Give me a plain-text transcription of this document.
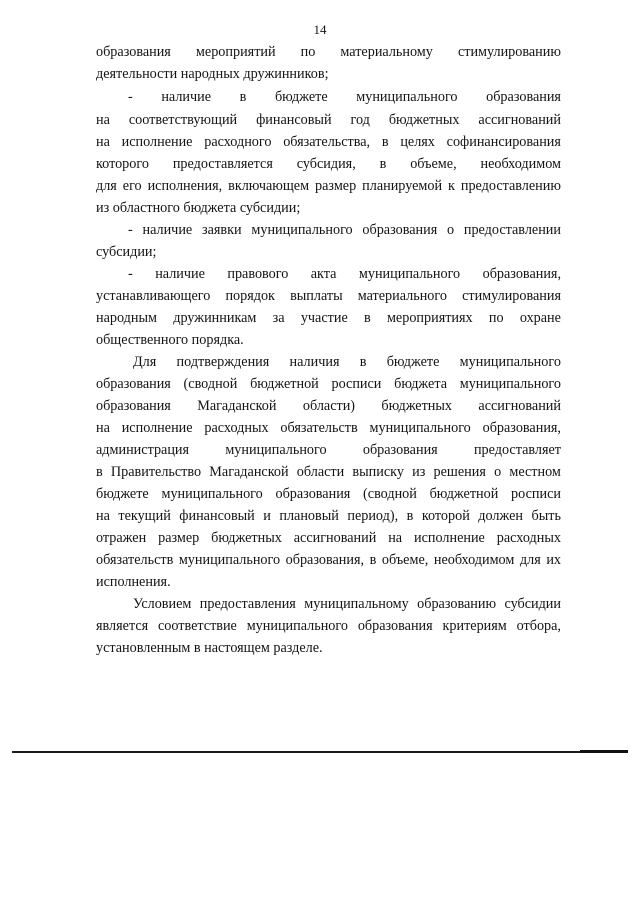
14
образования мероприятий по материальному стимулированию
деятельности народных дружинников;
- наличие в бюджете муниципального образования
на соответствующий финансовый год бюджетных ассигнований
на исполнение расходного обязательства, в целях софинансирования
которого предоставляется субсидия, в объеме, необходимом
для его исполнения, включающем размер планируемой к предоставлению
из областного бюджета субсидии;
- наличие заявки муниципального образования о предоставлении
субсидии;
- наличие правового акта муниципального образования,
устанавливающего порядок выплаты материального стимулирования
народным дружинникам за участие в мероприятиях по охране
общественного порядка.
Для подтверждения наличия в бюджете муниципального
образования (сводной бюджетной росписи бюджета муниципального
образования Магаданской области) бюджетных ассигнований
на исполнение расходных обязательств муниципального образования,
администрация	муниципального	образования	предоставляет
в Правительство Магаданской области выписку из решения о местном
бюджете муниципального образования (сводной бюджетной росписи
на текущий финансовый и плановый период), в которой должен быть
отражен размер бюджетных ассигнований на исполнение расходных
обязательств муниципального образования, в объеме, необходимом для их
исполнения.
Условием предоставления муниципальному образованию субсидии
является соответствие муниципального образования критериям отбора,
установленным в настоящем разделе.
